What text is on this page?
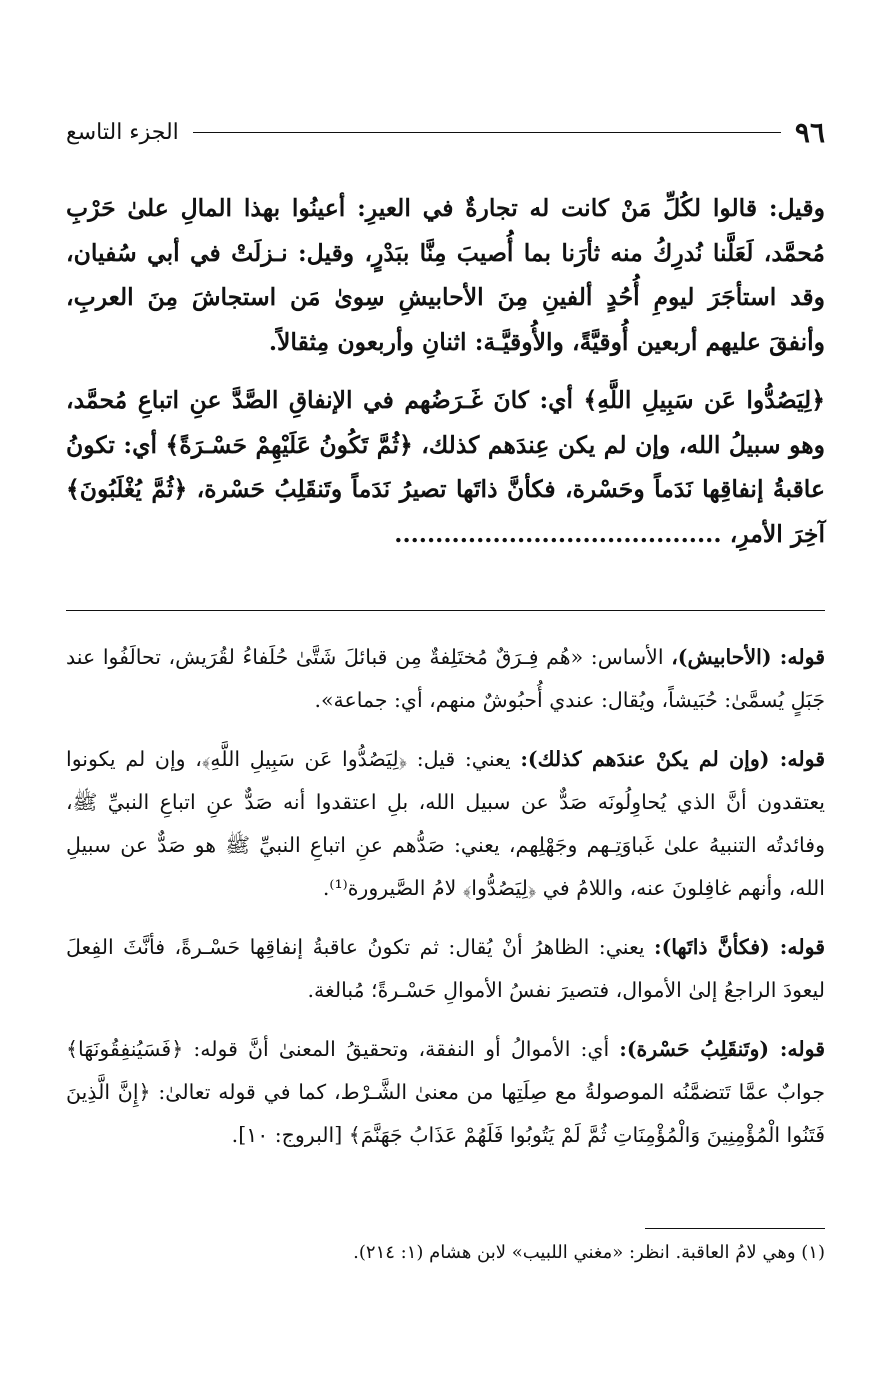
٩٦
الجزء التاسع

وقيل: قالوا لكُلِّ مَنْ كانت له تجارةٌ في العيرِ: أعينُوا بهذا المالِ علىٰ حَرْبِ مُحمَّد، لَعَلَّنا نُدرِكُ منه ثأرَنا بما أُصيبَ مِنَّا ببَدْرٍ، وقيل: نـزلَتْ في أبي سُفيان، وقد استأجَرَ ليومِ أُحُدٍ ألفينِ مِنَ الأحابيشِ سِوىٰ مَن استجاشَ مِنَ العربِ، وأنفقَ عليهم أربعين أُوقيَّةً، والأُوقيَّـة: اثنانِ وأربعون مِثقالاً.

﴿لِيَصُدُّوا عَن سَبِيلِ اللَّهِ﴾ أي: كانَ غَـرَضُهم في الإنفاقِ الصَّدَّ عنِ اتباعِ مُحمَّد، وهو سبيلُ الله، وإن لم يكن عِندَهم كذلك، ﴿ثُمَّ تَكُونُ عَلَيْهِمْ حَسْـرَةً﴾ أي: تكونُ عاقبةُ إنفاقِها نَدَماً وحَسْرة، فكأنَّ ذاتَها تصيرُ نَدَماً وتَنقَلِبُ حَسْرة، ﴿ثُمَّ يُغْلَبُونَ﴾ آخِرَ الأمرِ، ........................................

قوله: (الأحابيش)، الأساس: «هُم فِـرَقٌ مُختَلِفةٌ مِن قبائلَ شَتَّىٰ حُلَفاءُ لقُرَيش، تحالَفُوا عند جَبَلٍ يُسمَّىٰ: حُبَيشاً، ويُقال: عندي أُحبُوشٌ منهم، أي: جماعة».

قوله: (وإن لم يكنْ عندَهم كذلك): يعني: قيل: ﴿لِيَصُدُّوا عَن سَبِيلِ اللَّهِ﴾، وإن لم يكونوا يعتقدون أنَّ الذي يُحاوِلُونَه صَدٌّ عن سبيل الله، بلِ اعتقدوا أنه صَدٌّ عنِ اتباعِ النبيِّ ﷺ، وفائدتُه التنبيهُ علىٰ غَباوَتِـهم وجَهْلِهم، يعني: صَدُّهم عنِ اتباعِ النبيِّ ﷺ هو صَدٌّ عن سبيلِ الله، وأنهم غافِلونَ عنه، واللامُ في ﴿لِيَصُدُّوا﴾ لامُ الصَّيرورة⁽¹⁾.

قوله: (فكأنَّ ذاتَها): يعني: الظاهرُ أنْ يُقال: ثم تكونُ عاقبةُ إنفاقِها حَسْـرةً، فأنَّثَ الفِعلَ ليعودَ الراجعُ إلىٰ الأموال، فتصيرَ نفسُ الأموالِ حَسْـرةً؛ مُبالغة.

قوله: (وتَنقَلِبُ حَسْرة): أي: الأموالُ أو النفقة، وتحقيقُ المعنىٰ أنَّ قوله: ﴿فَسَيُنفِقُونَهَا﴾ جوابٌ عمَّا تَتضمَّنُه الموصولةُ مع صِلَتِها من معنىٰ الشَّـرْط، كما في قوله تعالىٰ: ﴿إِنَّ الَّذِينَ فَتَنُوا الْمُؤْمِنِينَ وَالْمُؤْمِنَاتِ ثُمَّ لَمْ يَتُوبُوا فَلَهُمْ عَذَابُ جَهَنَّمَ﴾ [البروج: ١٠].

(١) وهي لامُ العاقبة. انظر: «مغني اللبيب» لابن هشام (١: ٢١٤).
